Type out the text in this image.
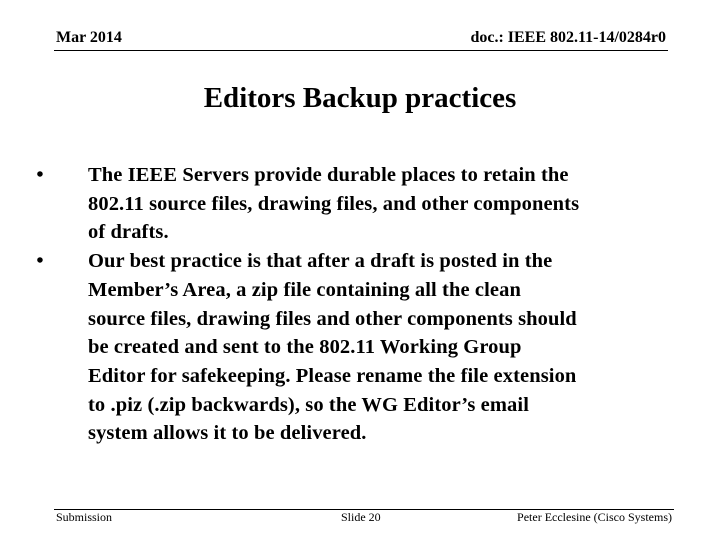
Mar 2014	doc.: IEEE 802.11-14/0284r0
Editors Backup practices
•	The IEEE Servers provide durable places to retain the
802.11 source files, drawing files, and other components
of drafts.
•	Our best practice is that after a draft is posted in the
Member’s Area, a zip file containing all the clean
source files, drawing files and other components should
be created and sent to the 802.11 Working Group
Editor for safekeeping. Please rename the file extension
to .piz (.zip backwards), so the WG Editor’s email
system allows it to be delivered.
Submission	Slide 20	Peter Ecclesine (Cisco Systems)
